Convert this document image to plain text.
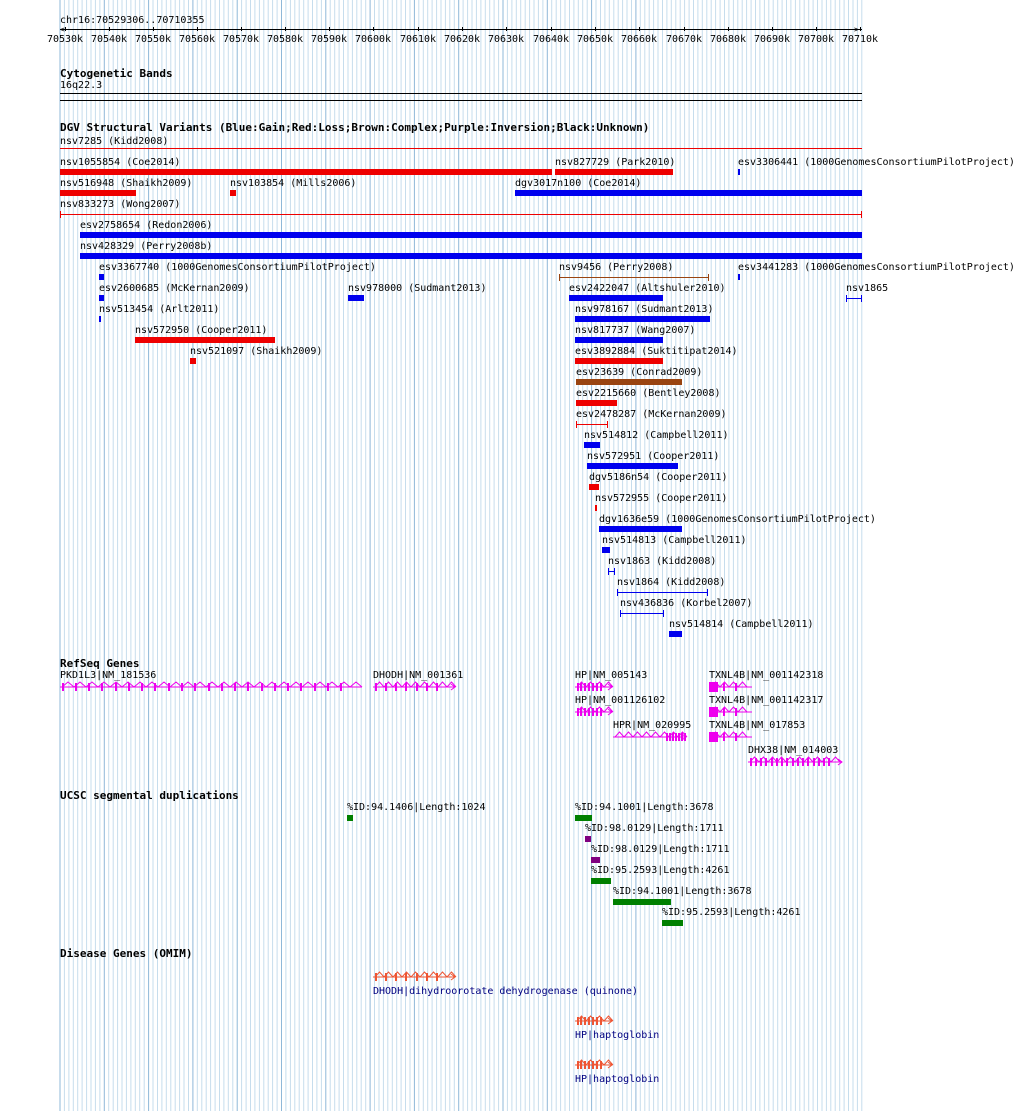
chr16:70529306..70710355
<	>
70530k 70540k 70550k 70560k 70570k 70580k 70590k 70600k 70610k 70620k 70630k 70640k 70650k 70660k 70670k 70680k 70690k 70700k 70710k
Cytogenetic Bands
16q22.3
DGV Structural Variants (Blue:Gain;Red:Loss;Brown:Complex;Purple:Inversion;Black:Unknown)
nsv7285 (Kidd2008)
nsv1055854 (Coe2014)	nsv827729 (Park2010)	esv3306441 (1000GenomesConsortiumPilotProject)
nsv516948 (Shaikh2009)	nsv103854 (Mills2006)	dgv3017n100 (Coe2014)
nsv833273 (Wong2007)
esv2758654 (Redon2006)
nsv428329 (Perry2008b)
esv3367740 (1000GenomesConsortiumPilotProject)	nsv9456 (Perry2008)	esv3441283 (1000GenomesConsortiumPilotProject)
esv2600685 (McKernan2009)	nsv978000 (Sudmant2013)	esv2422047 (Altshuler2010)	nsv1865
nsv513454 (Arlt2011)	nsv978167 (Sudmant2013)
nsv572950 (Cooper2011)	nsv817737 (Wang2007)
nsv521097 (Shaikh2009)	esv3892884 (Suktitipat2014)
esv23639 (Conrad2009)
esv2215660 (Bentley2008)
esv2478287 (McKernan2009)
nsv514812 (Campbell2011)
nsv572951 (Cooper2011)
dgv5186n54 (Cooper2011)
nsv572955 (Cooper2011)
dgv1636e59 (1000GenomesConsortiumPilotProject)
nsv514813 (Campbell2011)
nsv1863 (Kidd2008)
nsv1864 (Kidd2008)
nsv436836 (Korbel2007)
nsv514814 (Campbell2011)
RefSeq Genes
PKD1L3|NM_181536	DHODH|NM_001361	HP|NM_005143	TXNL4B|NM_001142318
HP|NM_001126102	TXNL4B|NM_001142317
HPR|NM_020995 TXNL4B|NM_017853
DHX38|NM_014003
UCSC segmental duplications
%ID:94.1406|Length:1024	%ID:94.1001|Length:3678
%ID:98.0129|Length:1711
%ID:98.0129|Length:1711
%ID:95.2593|Length:4261
%ID:94.1001|Length:3678
%ID:95.2593|Length:4261
Disease Genes (OMIM)
DHODH|dihydroorotate dehydrogenase (quinone)
HP|haptoglobin
HP|haptoglobin
